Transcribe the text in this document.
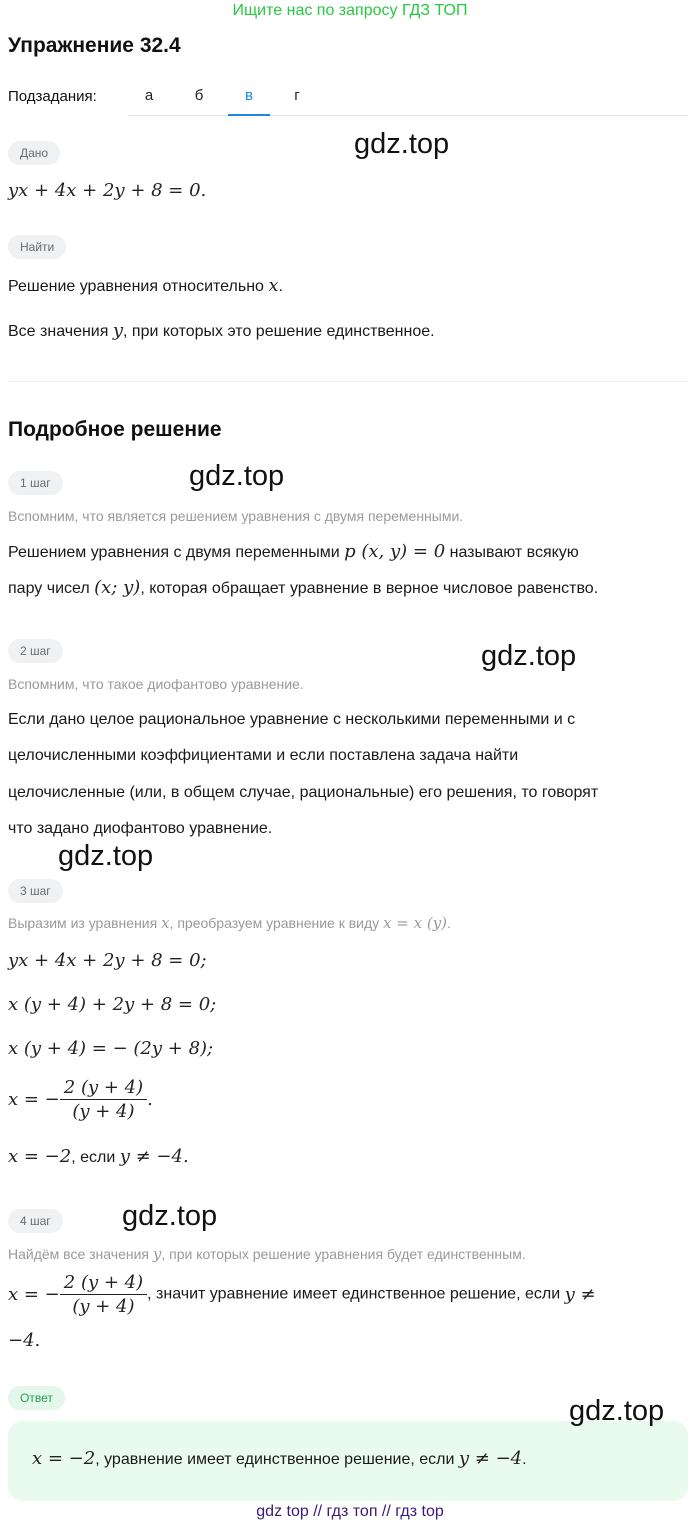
Ищите нас по запросу ГДЗ ТОП
Упражнение 32.4
Подзадания:	а	б	в	г
Дано	gdz.top
yx + 4x + 2y + 8 = 0.
Найти
Решение уравнения относительно x.
Все значения y, при которых это решение единственное.
Подробное решение
1 шаг	gdz.top
Вспомним, что является решением уравнения с двумя переменными.
Решением уравнения с двумя переменными p (x, y) = 0 называют всякую
пару чисел (x; y), которая обращает уравнение в верное числовое равенство.
2 шаг	gdz.top
Вспомним, что такое диофантово уравнение.
Если дано целое рациональное уравнение с несколькими переменными и с
целочисленными коэффициентами и если поставлена задача найти
целочисленные (или, в общем случае, рациональные) его решения, то говорят
что задано диофантово уравнение.
gdz.top
3 шаг
Выразим из уравнения x, преобразуем уравнение к виду x = x (y).
yx + 4x + 2y + 8 = 0;
x (y + 4) + 2y + 8 = 0;
x (y + 4) = − (2y + 8);
x = − $\frac{2 (y + 4)}{(y + 4)}$ .
x = −2, если y ≠ −4.
4 шаг	gdz.top
Найдём все значения y, при которых решение уравнения будет единственным.
x = − $\frac{2 (y + 4)}{(y + 4)}$ , значит уравнение имеет единственное решение, если y ≠
−4.
Ответ	gdz.top
x = −2, уравнение имеет единственное решение, если y ≠ −4.
gdz top // гдз топ // гдз top
